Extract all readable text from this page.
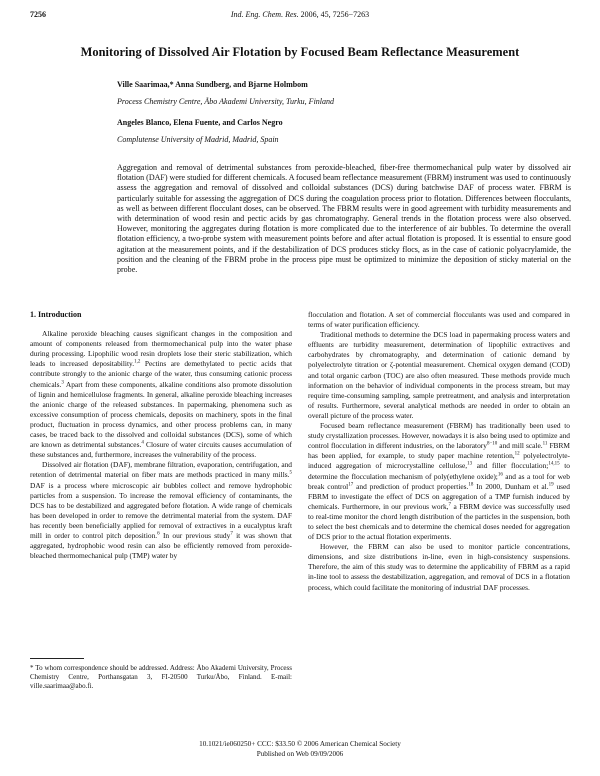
7256	Ind. Eng. Chem. Res. 2006, 45, 7256−7263
Monitoring of Dissolved Air Flotation by Focused Beam Reflectance Measurement
Ville Saarimaa,* Anna Sundberg, and Bjarne Holmbom
Process Chemistry Centre, Åbo Akademi University, Turku, Finland
Angeles Blanco, Elena Fuente, and Carlos Negro
Complutense University of Madrid, Madrid, Spain
Aggregation and removal of detrimental substances from peroxide-bleached, fiber-free thermomechanical pulp water by dissolved air flotation (DAF) were studied for different chemicals. A focused beam reflectance measurement (FBRM) instrument was used to continuously assess the aggregation and removal of dissolved and colloidal substances (DCS) during batchwise DAF of process water. FBRM is particularly suitable for assessing the aggregation of DCS during the coagulation process prior to flotation. Differences between flocculants, as well as between different flocculant doses, can be observed. The FBRM results were in good agreement with turbidity measurements and with determination of wood resin and pectic acids by gas chromatography. General trends in the flotation process were also observed. However, monitoring the aggregates during flotation is more complicated due to the interference of air bubbles. To determine the overall flotation efficiency, a two-probe system with measurement points before and after actual flotation is proposed. It is essential to ensure good agitation at the measurement points, and if the destabilization of DCS produces sticky flocs, as in the case of cationic polyacrylamide, the position and the cleaning of the FBRM probe in the process pipe must be optimized to minimize the deposition of sticky material on the probe.
1. Introduction

Alkaline peroxide bleaching causes significant changes in the composition and amount of components released from thermomechanical pulp into the water phase during processing. Lipophilic wood resin droplets lose their steric stabilization, which leads to increased depositability.$^{1,2}$ Pectins are demethylated to pectic acids that contribute strongly to the anionic charge of the water, thus consuming cationic process chemicals.$^3$ Apart from these components, alkaline conditions also promote dissolution of lignin and hemicellulose fragments. In general, alkaline peroxide bleaching increases the anionic charge of the released substances. In papermaking, phenomena such as excessive consumption of process chemicals, deposits on machinery, spots in the final product, fluctuation in process dynamics, and other process problems can, in many cases, be traced back to the dissolved and colloidal substances (DCS), some of which are known as detrimental substances.$^4$ Closure of water circuits causes accumulation of these substances and, furthermore, increases the vulnerability of the process.

Dissolved air flotation (DAF), membrane filtration, evaporation, centrifugation, and retention of detrimental material on fiber mats are methods practiced in many mills.$^5$ DAF is a process where microscopic air bubbles collect and remove hydrophobic particles from a suspension. To increase the removal efficiency of contaminants, the DCS has to be destabilized and aggregated before flotation. A wide range of chemicals has been developed in order to remove the detrimental material from the system. DAF has recently been beneficially applied for removal of extractives in a eucalyptus kraft mill in order to control pitch deposition.$^6$ In our previous study$^7$ it was shown that aggregated, hydrophobic wood resin can also be efficiently removed from peroxide-bleached thermomechanical pulp (TMP) water by

flocculation and flotation. A set of commercial flocculants was used and compared in terms of water purification efficiency.

Traditional methods to determine the DCS load in papermaking process waters and effluents are turbidity measurement, determination of lipophilic extractives and carbohydrates by chromatography, and determination of cationic demand by polyelectrolyte titration or ζ-potential measurement. Chemical oxygen demand (COD) and total organic carbon (TOC) are also often measured. These methods provide much information on the behavior of individual components in the process stream, but may require time-consuming sampling, sample pretreatment, and analysis and interpretation of results. Furthermore, several analytical methods are needed in order to obtain an overall picture of the process water.

Focused beam reflectance measurement (FBRM) has traditionally been used to study crystallization processes. However, nowadays it is also being used to optimize and control flocculation in different industries, on the laboratory$^{8-10}$ and mill scale.$^{11}$ FBRM has been applied, for example, to study paper machine retention,$^{12}$ polyelectrolyte-induced aggregation of microcrystalline cellulose,$^{13}$ and filler flocculation;$^{14,15}$ to determine the flocculation mechanism of poly(ethylene oxide);$^{16}$ and as a tool for web break control$^{17}$ and prediction of product properties.$^{18}$ In 2000, Dunham et al.$^{19}$ used FBRM to investigate the effect of DCS on aggregation of a TMP furnish induced by chemicals. Furthermore, in our previous work,$^7$ a FBRM device was successfully used to real-time monitor the chord length distribution of the particles in the suspension, both to select the best chemicals and to determine the chemical doses needed for aggregation of DCS prior to the actual flotation experiments.

However, the FBRM can also be used to monitor particle concentrations, dimensions, and size distributions in-line, even in high-consistency suspensions. Therefore, the aim of this study was to determine the applicability of FBRM as a rapid in-line tool to assess the destabilization, aggregation, and removal of DCS in a flotation process, which could facilitate the monitoring of industrial DAF processes.

* To whom correspondence should be addressed. Address: Åbo Akademi University, Process Chemistry Centre, Porthansgatan 3, FI-20500 Turku/Åbo, Finland. E-mail: ville.saarimaa@abo.fi.
10.1021/ie060250+ CCC: $33.50 © 2006 American Chemical Society
Published on Web 09/09/2006
